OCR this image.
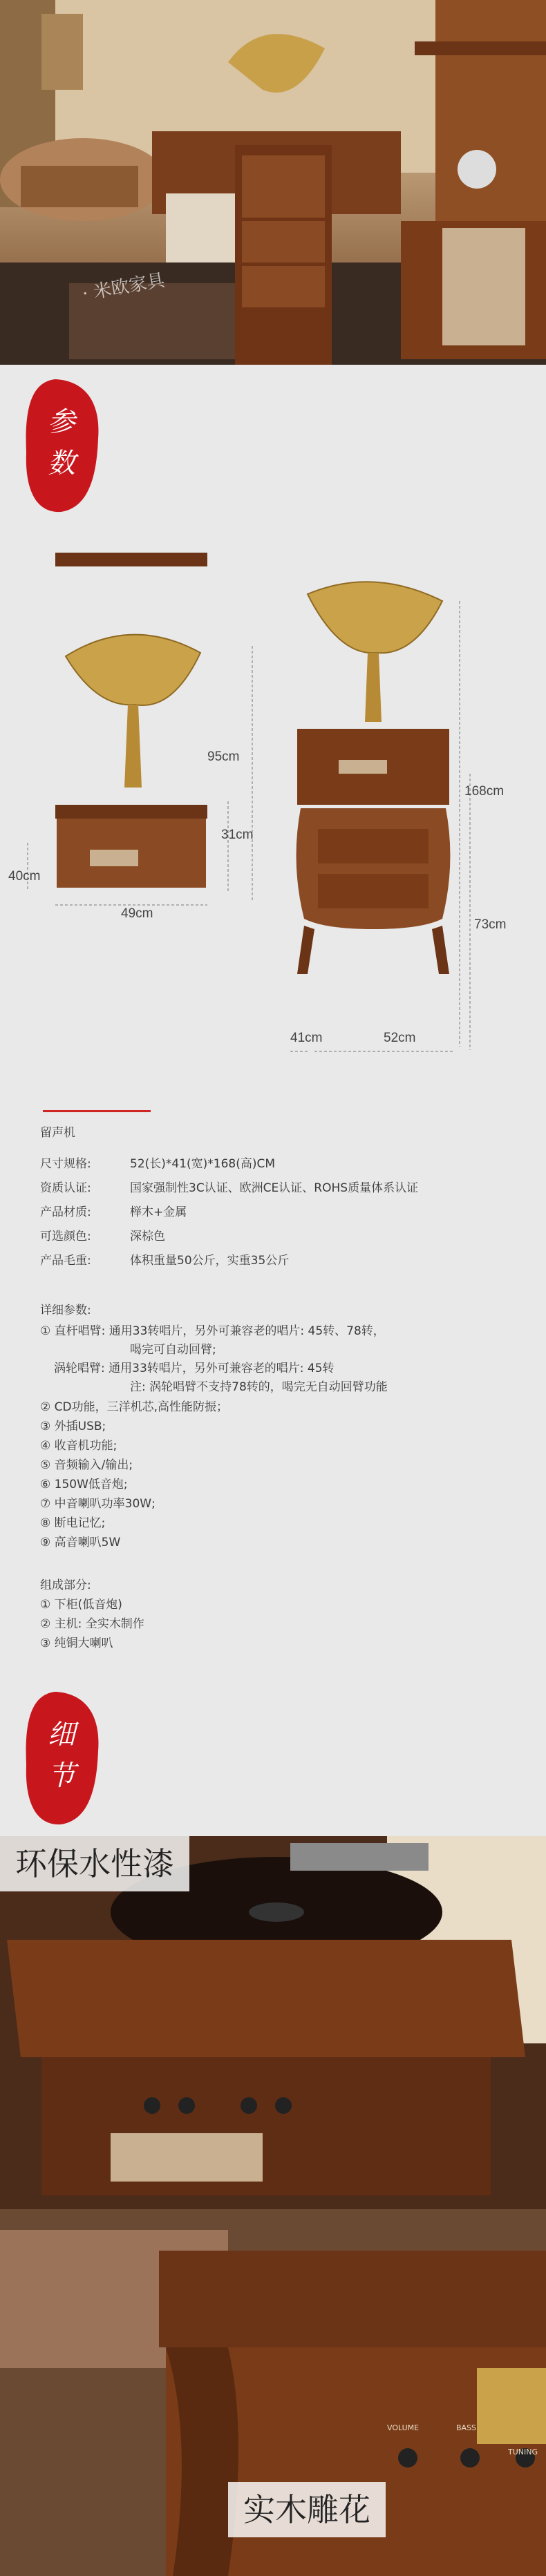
· 米欧家具
参
数
95cm
31cm
40cm
49cm
168cm
73cm
41cm	52cm
留声机
尺寸规格:	52(长)*41(宽)*168(高)CM
资质认证:	国家强制性3C认证、欧洲CE认证、ROHS质量体系认证
产品材质:	榉木+金属
可选颜色:	深棕色
产品毛重:	体积重量50公斤，实重35公斤
详细参数:
① 直杆唱臂: 通用33转唱片，另外可兼容老的唱片: 45转、78转，
喝完可自动回臂;
涡轮唱臂: 通用33转唱片，另外可兼容老的唱片: 45转
注: 涡轮唱臂不支持78转的，喝完无自动回臂功能
② CD功能，三洋机芯,高性能防振；
③ 外插USB;
④ 收音机功能;
⑤ 音频输入/输出;
⑥ 150W低音炮;
⑦ 中音喇叭功率30W;
⑧ 断电记忆;
⑨ 高音喇叭5W
组成部分:
① 下柜(低音炮)
② 主机: 全实木制作
③ 纯铜大喇叭
细
节
环保水性漆
VOLUME	BASS
TUNING
实木雕花
